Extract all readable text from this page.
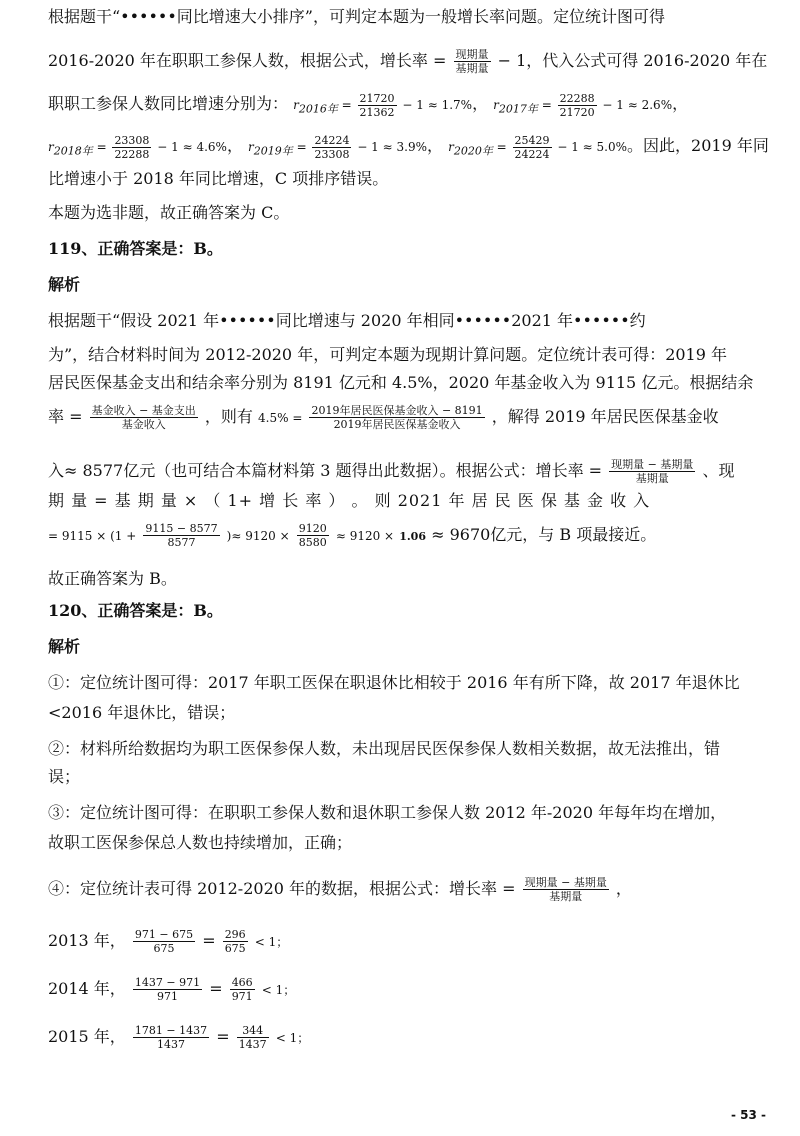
根据题干“••••••同比增速大小排序”，可判定本题为一般增长率问题。定位统计图可得
2016-2020 年在职职工参保人数，根据公式，增长率 = $\frac{\text{现期量}}{\text{基期量}} - 1$，代入公式可得 2016-2020 年在
职职工参保人数同比增速分别为： $r_{2016年} = \frac{21720}{21362} - 1 \approx 1.7\%$， $r_{2017年} = \frac{22288}{21720} - 1 \approx 2.6\%$，
$r_{2018年} = \frac{23308}{22288} - 1 \approx 4.6\%$， $r_{2019年} = \frac{24224}{23308} - 1 \approx 3.9\%$， $r_{2020年} = \frac{25429}{24224} - 1 \approx 5.0\%$。因此，2019 年同
比增速小于 2018 年同比增速，C 项排序错误。
本题为选非题，故正确答案为 C。
119、正确答案是：B。
解析
根据题干“假设 2021 年••••••同比增速与 2020 年相同••••••2021 年••••••约
为”，结合材料时间为 2012-2020 年，可判定本题为现期计算问题。定位统计表可得：2019 年
居民医保基金支出和结余率分别为 8191 亿元和 4.5%，2020 年基金收入为 9115 亿元。根据结余
率 = $\frac{\text{基金收入 − 基金支出}}{\text{基金收入}}$ ，则有 $4.5\% = \frac{\text{2019年居民医保基金收入 − 8191}}{\text{2019年居民医保基金收入}}$ ，解得 2019 年居民医保基金收
入≈ 8577亿元（也可结合本篇材料第 3 题得出此数据）。根据公式：增长率 = $\frac{\text{现期量 − 基期量}}{\text{基期量}}$ 、现
期 量 = 基 期 量 × （ 1+ 增 长 率 ） 。 则 2021 年 居 民 医 保 基 金 收 入
= $9115 \times (1 + \frac{9115 - 8577}{8577}$ )≈ $9120 \times \frac{9120}{8580} \approx 9120 \times 1.06 \approx 9670$亿元，与 B 项最接近。
故正确答案为 B。
120、正确答案是：B。
解析
①：定位统计图可得：2017 年职工医保在职退休比相较于 2016 年有所下降，故 2017 年退休比
<2016 年退休比，错误；
②：材料所给数据均为职工医保参保人数，未出现居民医保参保人数相关数据，故无法推出，错
误；
③：定位统计图可得：在职职工参保人数和退休职工参保人数 2012 年-2020 年每年均在增加，
故职工医保参保总人数也持续增加，正确；
④：定位统计表可得 2012-2020 年的数据，根据公式：增长率 = $\frac{\text{现期量 − 基期量}}{\text{基期量}}$ ，
2013 年， $\frac{971 - 675}{675} = \frac{296}{675} < 1$；
2014 年， $\frac{1437 - 971}{971} = \frac{466}{971} < 1$；
2015 年， $\frac{1781 - 1437}{1437} = \frac{344}{1437} < 1$；
- 53 -
